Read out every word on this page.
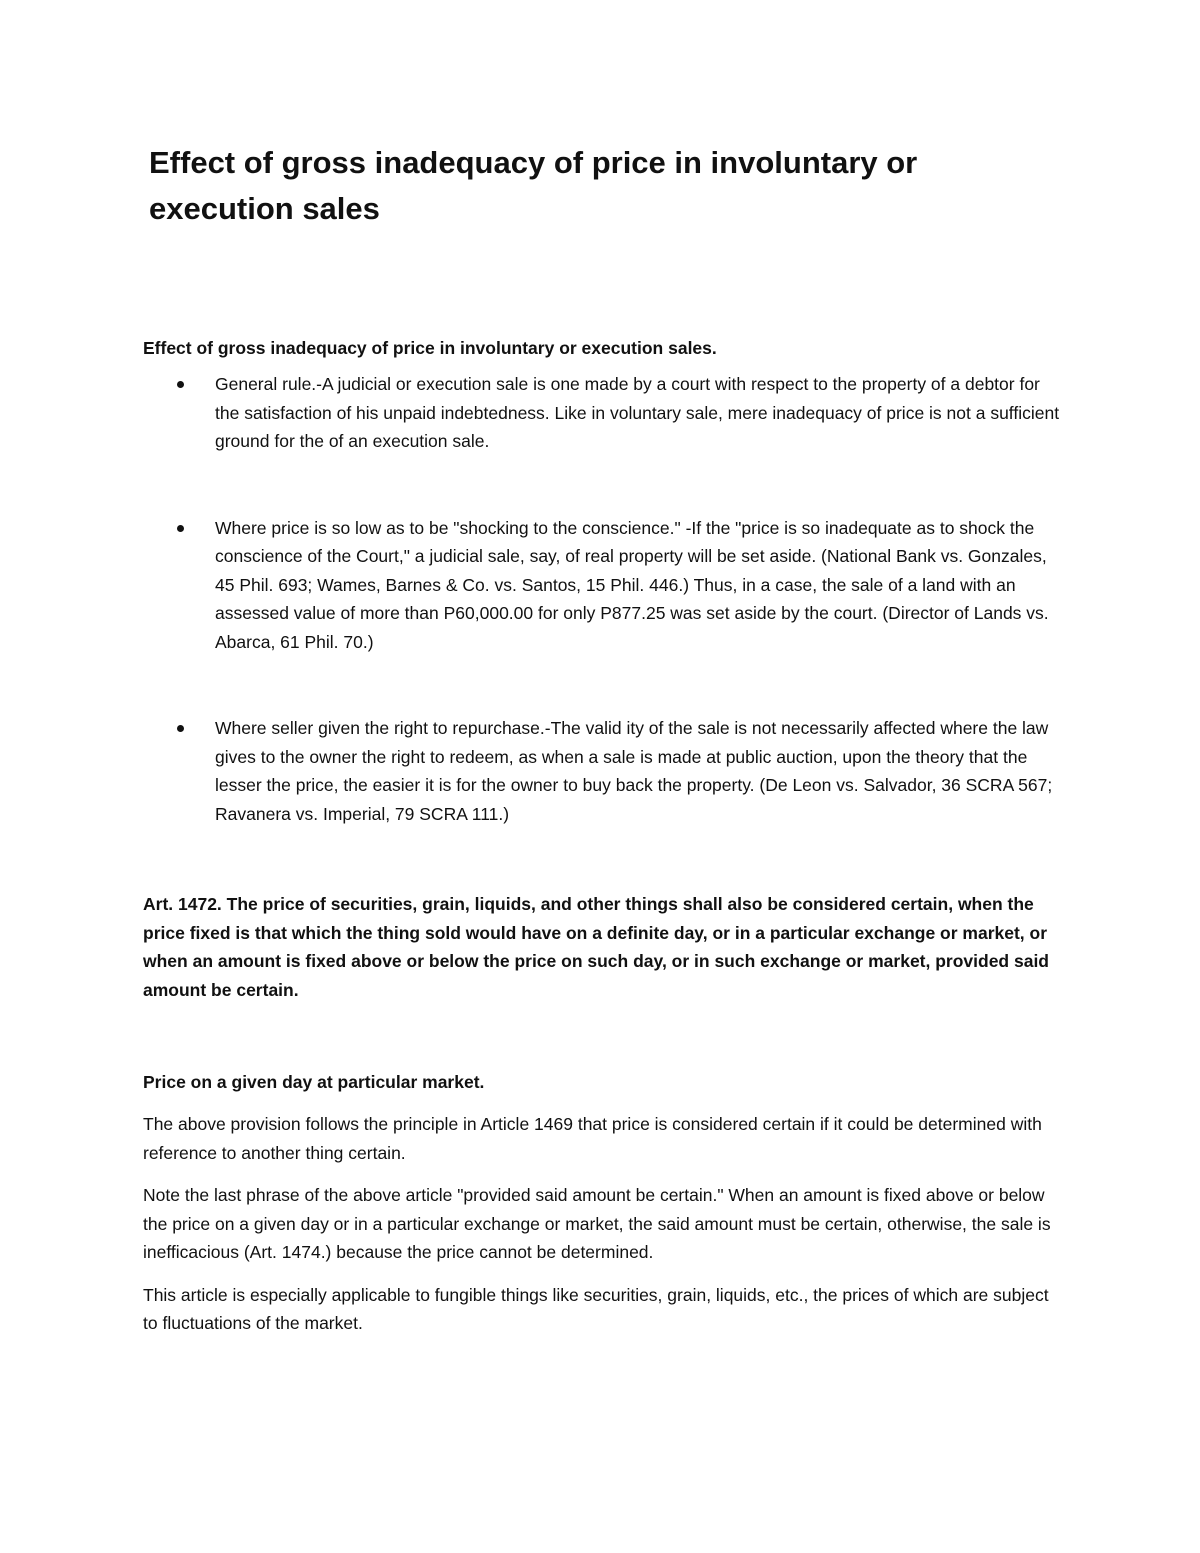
Effect of gross inadequacy of price in involuntary or execution sales

Effect of gross inadequacy of price in involuntary or execution sales.

General rule.-A judicial or execution sale is one made by a court with respect to the property of a debtor for the satisfaction of his unpaid indebtedness. Like in voluntary sale, mere inadequacy of price is not a sufficient ground for the of an execution sale.
Where price is so low as to be "shocking to the conscience." -If the "price is so inadequate as to shock the conscience of the Court," a judicial sale, say, of real property will be set aside. (National Bank vs. Gonzales, 45 Phil. 693; Wames, Barnes & Co. vs. Santos, 15 Phil. 446.) Thus, in a case, the sale of a land with an assessed value of more than P60,000.00 for only P877.25 was set aside by the court. (Director of Lands vs. Abarca, 61 Phil. 70.)
Where seller given the right to repurchase.-The valid ity of the sale is not necessarily affected where the law gives to the owner the right to redeem, as when a sale is made at public auction, upon the theory that the lesser the price, the easier it is for the owner to buy back the property. (De Leon vs. Salvador, 36 SCRA 567; Ravanera vs. Imperial, 79 SCRA 111.)

Art. 1472. The price of securities, grain, liquids, and other things shall also be considered certain, when the price fixed is that which the thing sold would have on a definite day, or in a particular exchange or market, or when an amount is fixed above or below the price on such day, or in such exchange or market, provided said amount be certain.

Price on a given day at particular market.

The above provision follows the principle in Article 1469 that price is considered certain if it could be determined with reference to another thing certain.

Note the last phrase of the above article "provided said amount be certain." When an amount is fixed above or below the price on a given day or in a particular exchange or market, the said amount must be certain, otherwise, the sale is inefficacious (Art. 1474.) because the price cannot be determined.

This article is especially applicable to fungible things like securities, grain, liquids, etc., the prices of which are subject to fluctuations of the market.
